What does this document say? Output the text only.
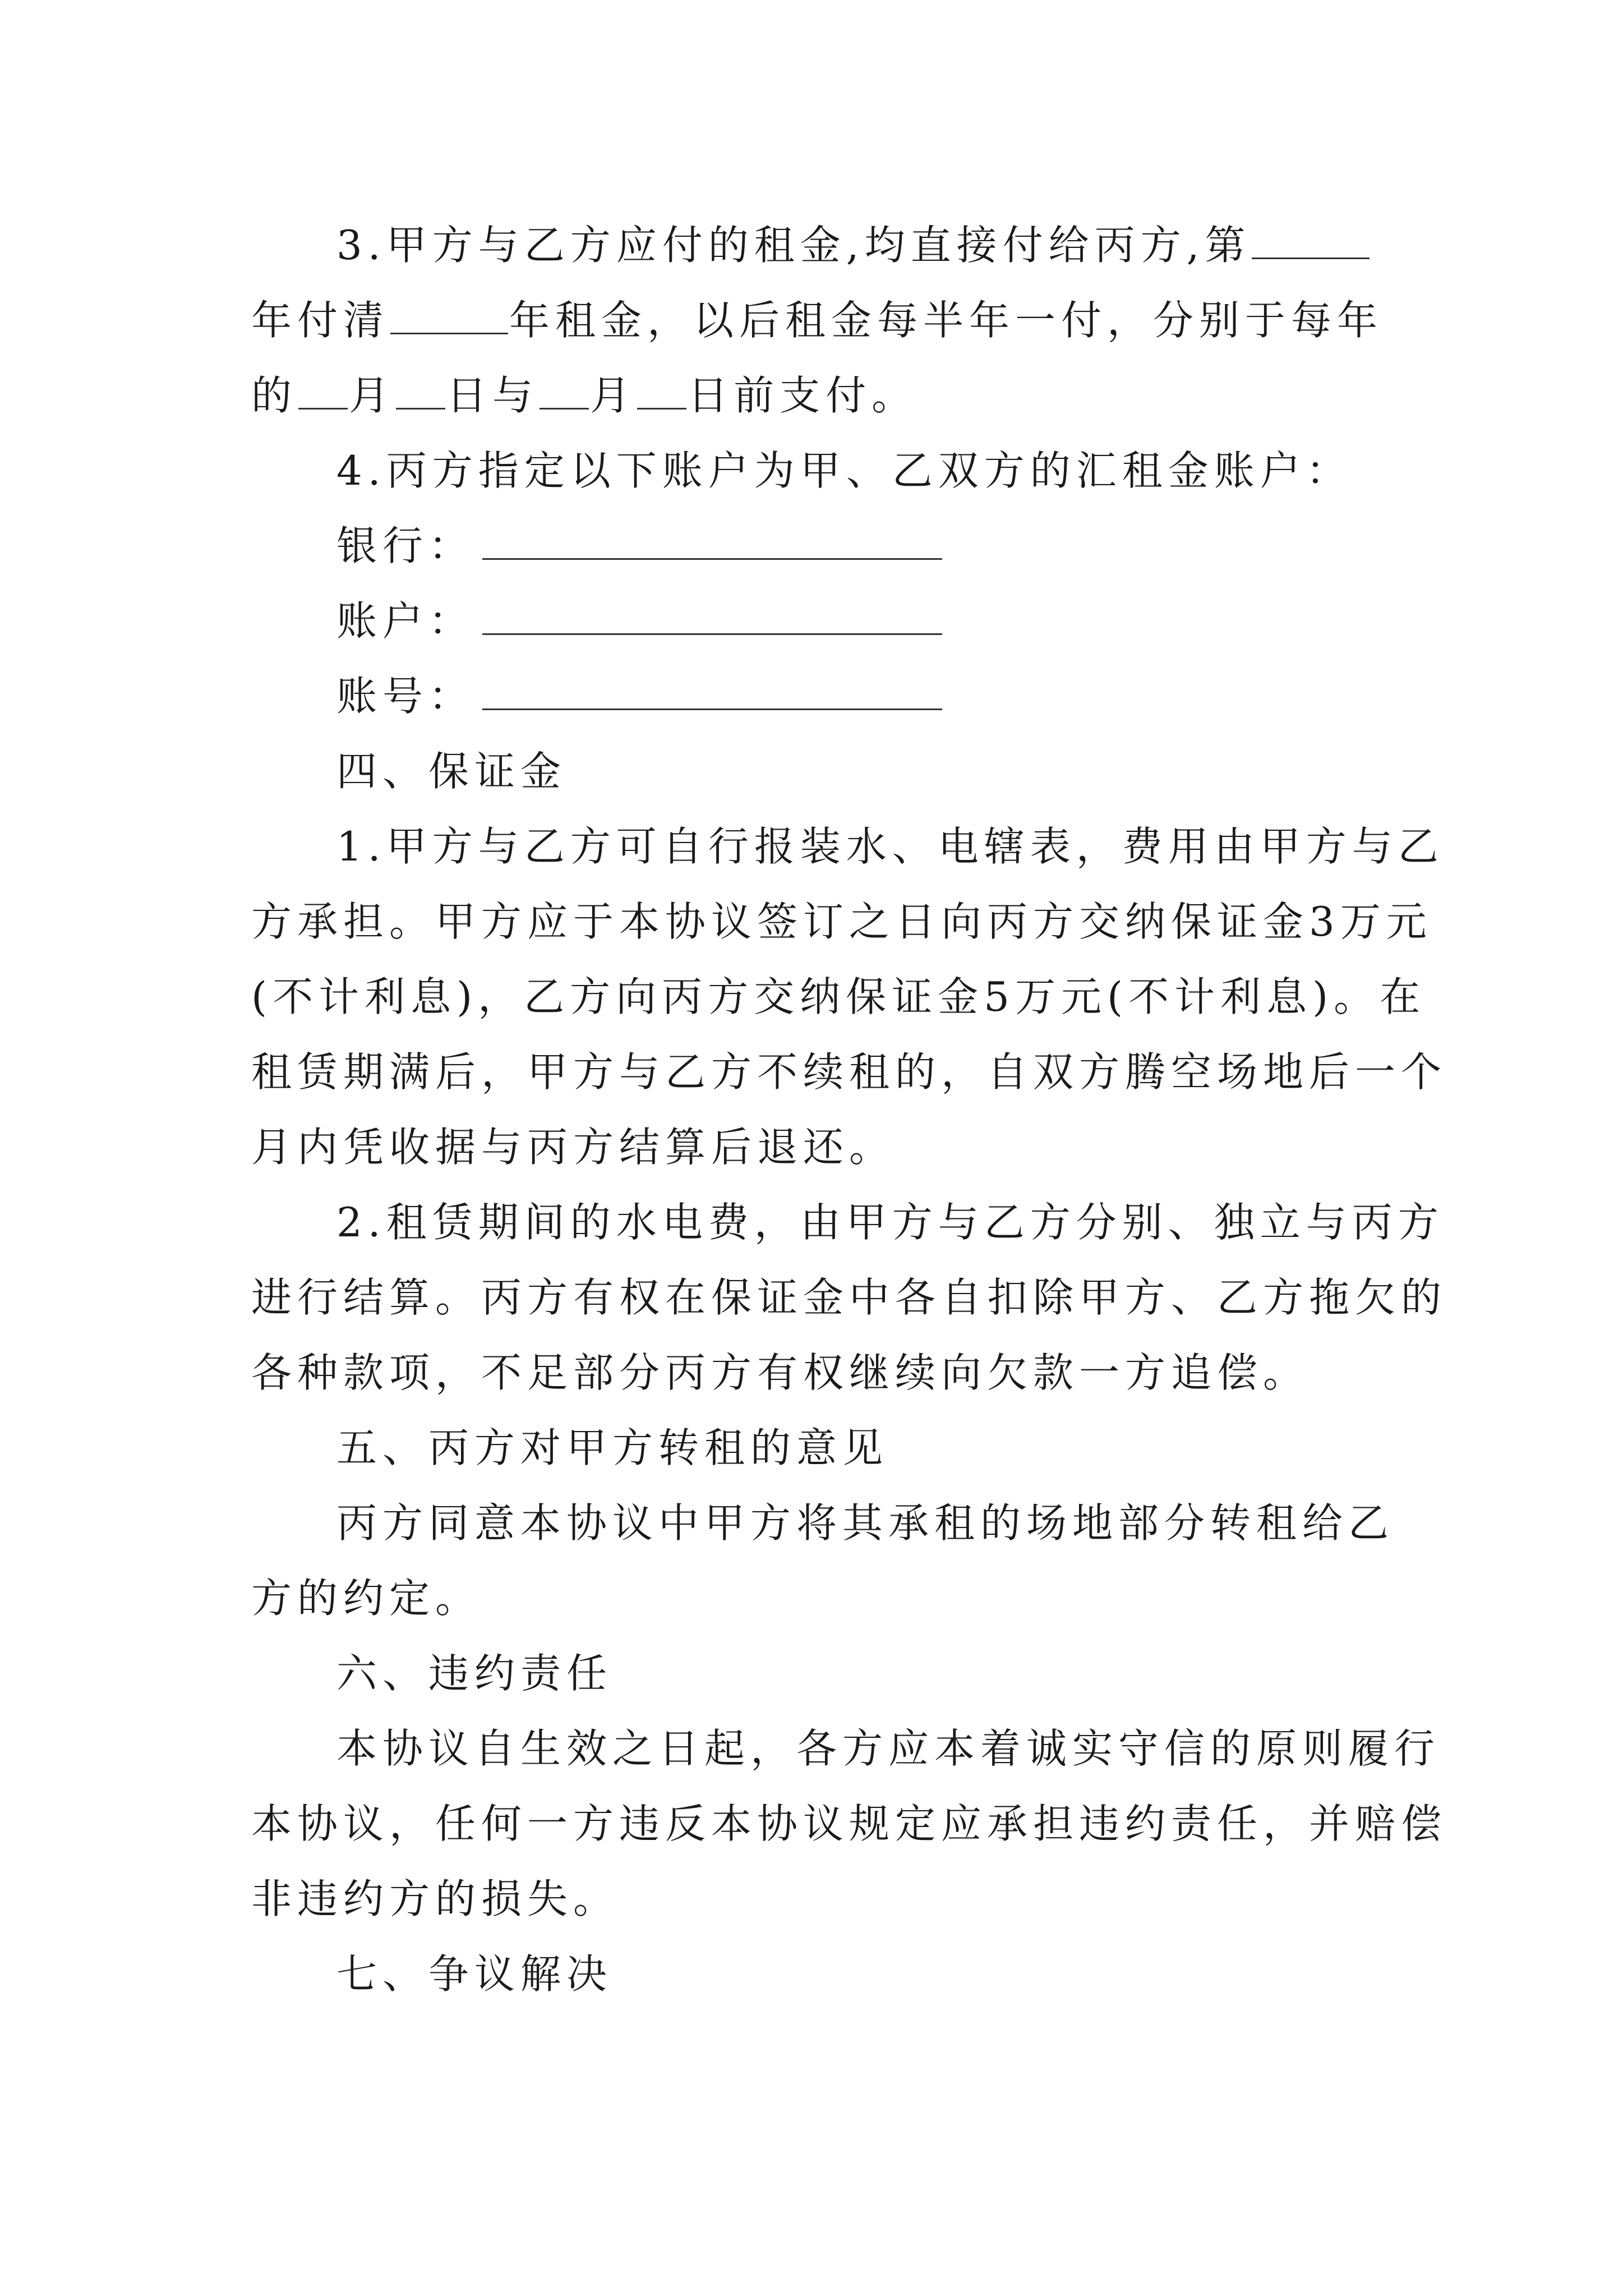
3.甲方与乙方应付的租金,均直接付给丙方,第
年付清	年租金，以后租金每半年一付，分别于每年
的 月 日与 月 日前支付。
4.丙方指定以下账户为甲、乙双方的汇租金账户：
银行：
账户：
账号：
四、保证金
1.甲方与乙方可自行报装水、电辖表，费用由甲方与乙
方承担。甲方应于本协议签订之日向丙方交纳保证金3万元
(不计利息)，乙方向丙方交纳保证金5万元(不计利息)。在
租赁期满后，甲方与乙方不续租的，自双方腾空场地后一个
月内凭收据与丙方结算后退还。
2.租赁期间的水电费，由甲方与乙方分别、独立与丙方
进行结算。丙方有权在保证金中各自扣除甲方、乙方拖欠的
各种款项，不足部分丙方有权继续向欠款一方追偿。
五、丙方对甲方转租的意见
丙方同意本协议中甲方将其承租的场地部分转租给乙
方的约定。
六、违约责任
本协议自生效之日起，各方应本着诚实守信的原则履行
本协议，任何一方违反本协议规定应承担违约责任，并赔偿
非违约方的损失。
七、争议解决
